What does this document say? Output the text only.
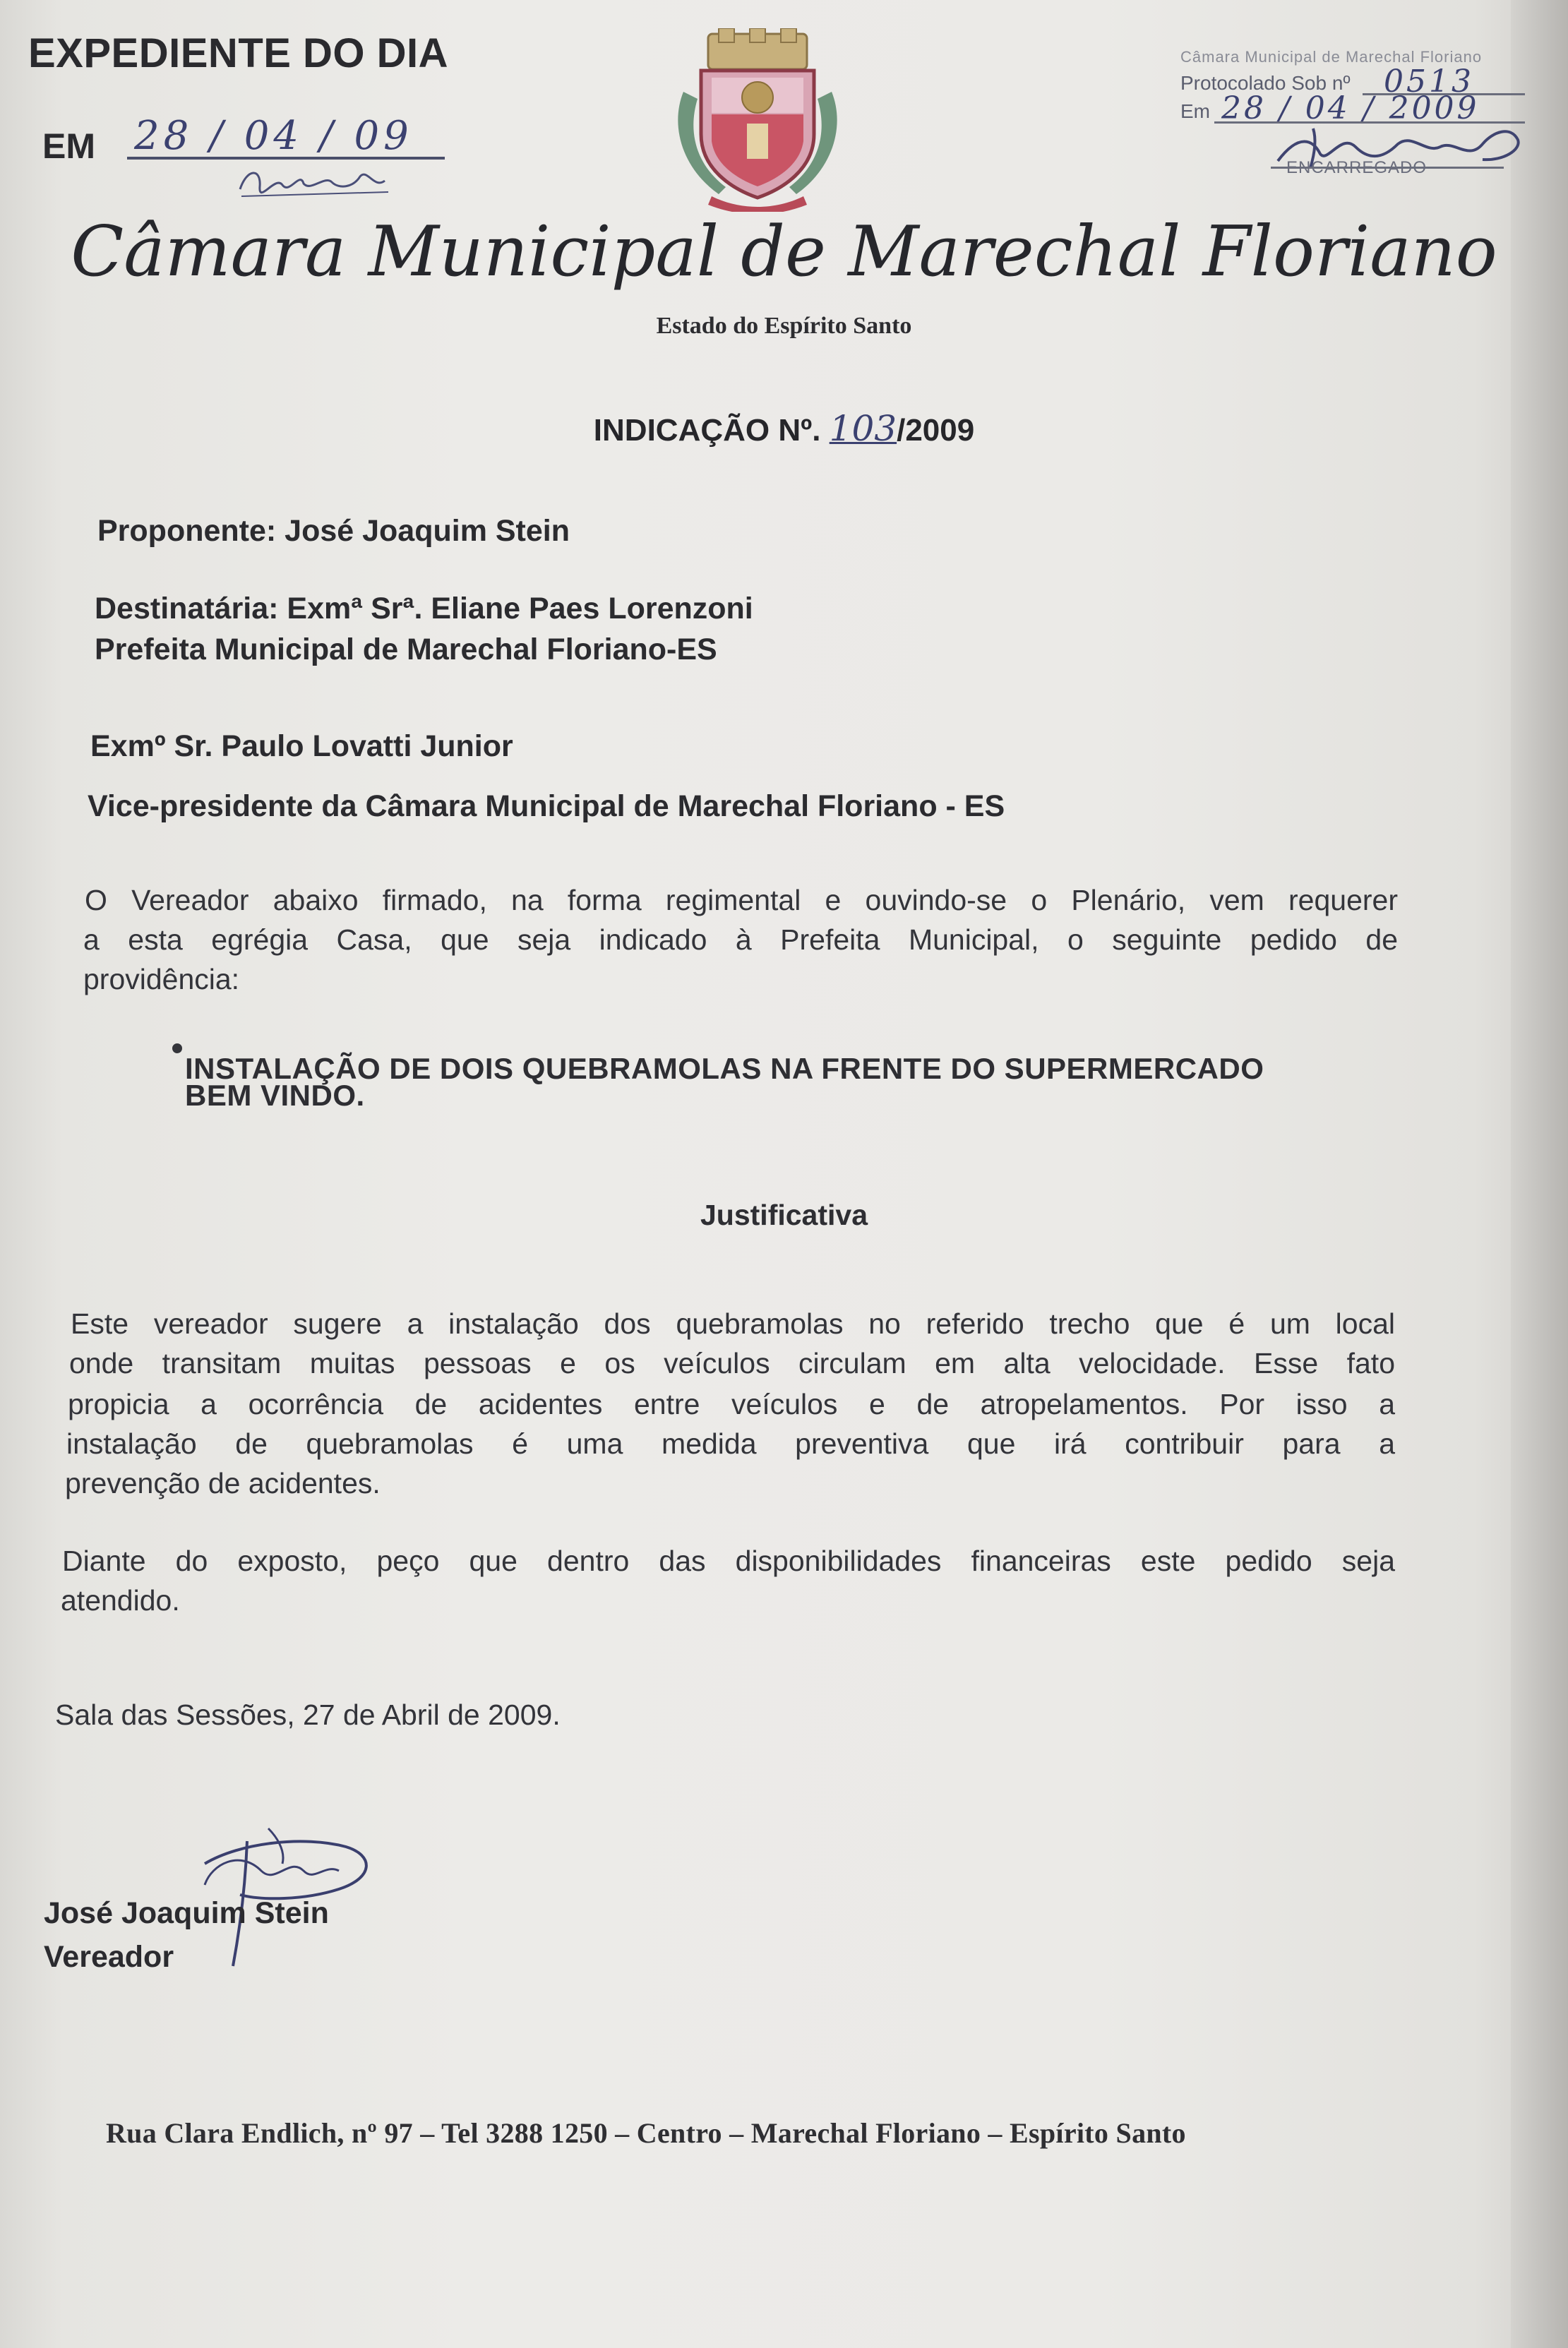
EXPEDIENTE DO DIA
EM 28 / 04 / 09
Câmara Municipal de Marechal Floriano
Protocolado Sob nº 0513
Em 28 / 04 / 2009
ENCARREGADO
Câmara Municipal de Marechal Floriano
Estado do Espírito Santo
INDICAÇÃO Nº. 103/2009
Proponente: José Joaquim Stein
Destinatária: Exmª Srª. Eliane Paes Lorenzoni
Prefeita Municipal de Marechal Floriano-ES
Exmº Sr. Paulo Lovatti Junior
Vice-presidente da Câmara Municipal de Marechal Floriano - ES
O Vereador abaixo firmado, na forma regimental e ouvindo-se o Plenário, vem requerer
a esta egrégia Casa, que seja indicado à Prefeita Municipal, o seguinte pedido de
providência:
INSTALAÇÃO DE DOIS QUEBRAMOLAS NA FRENTE DO SUPERMERCADO
BEM VINDO.
Justificativa
Este vereador sugere a instalação dos quebramolas no referido trecho que é um local
onde transitam muitas pessoas e os veículos circulam em alta velocidade. Esse fato
propicia a ocorrência de acidentes entre veículos e de atropelamentos. Por isso a
instalação de quebramolas é uma medida preventiva que irá contribuir para a
prevenção de acidentes.
Diante do exposto, peço que dentro das disponibilidades financeiras este pedido seja
atendido.
Sala das Sessões, 27 de Abril de 2009.
José Joaquim Stein
Vereador
Rua Clara Endlich, nº 97 – Tel 3288 1250 – Centro – Marechal Floriano – Espírito Santo
